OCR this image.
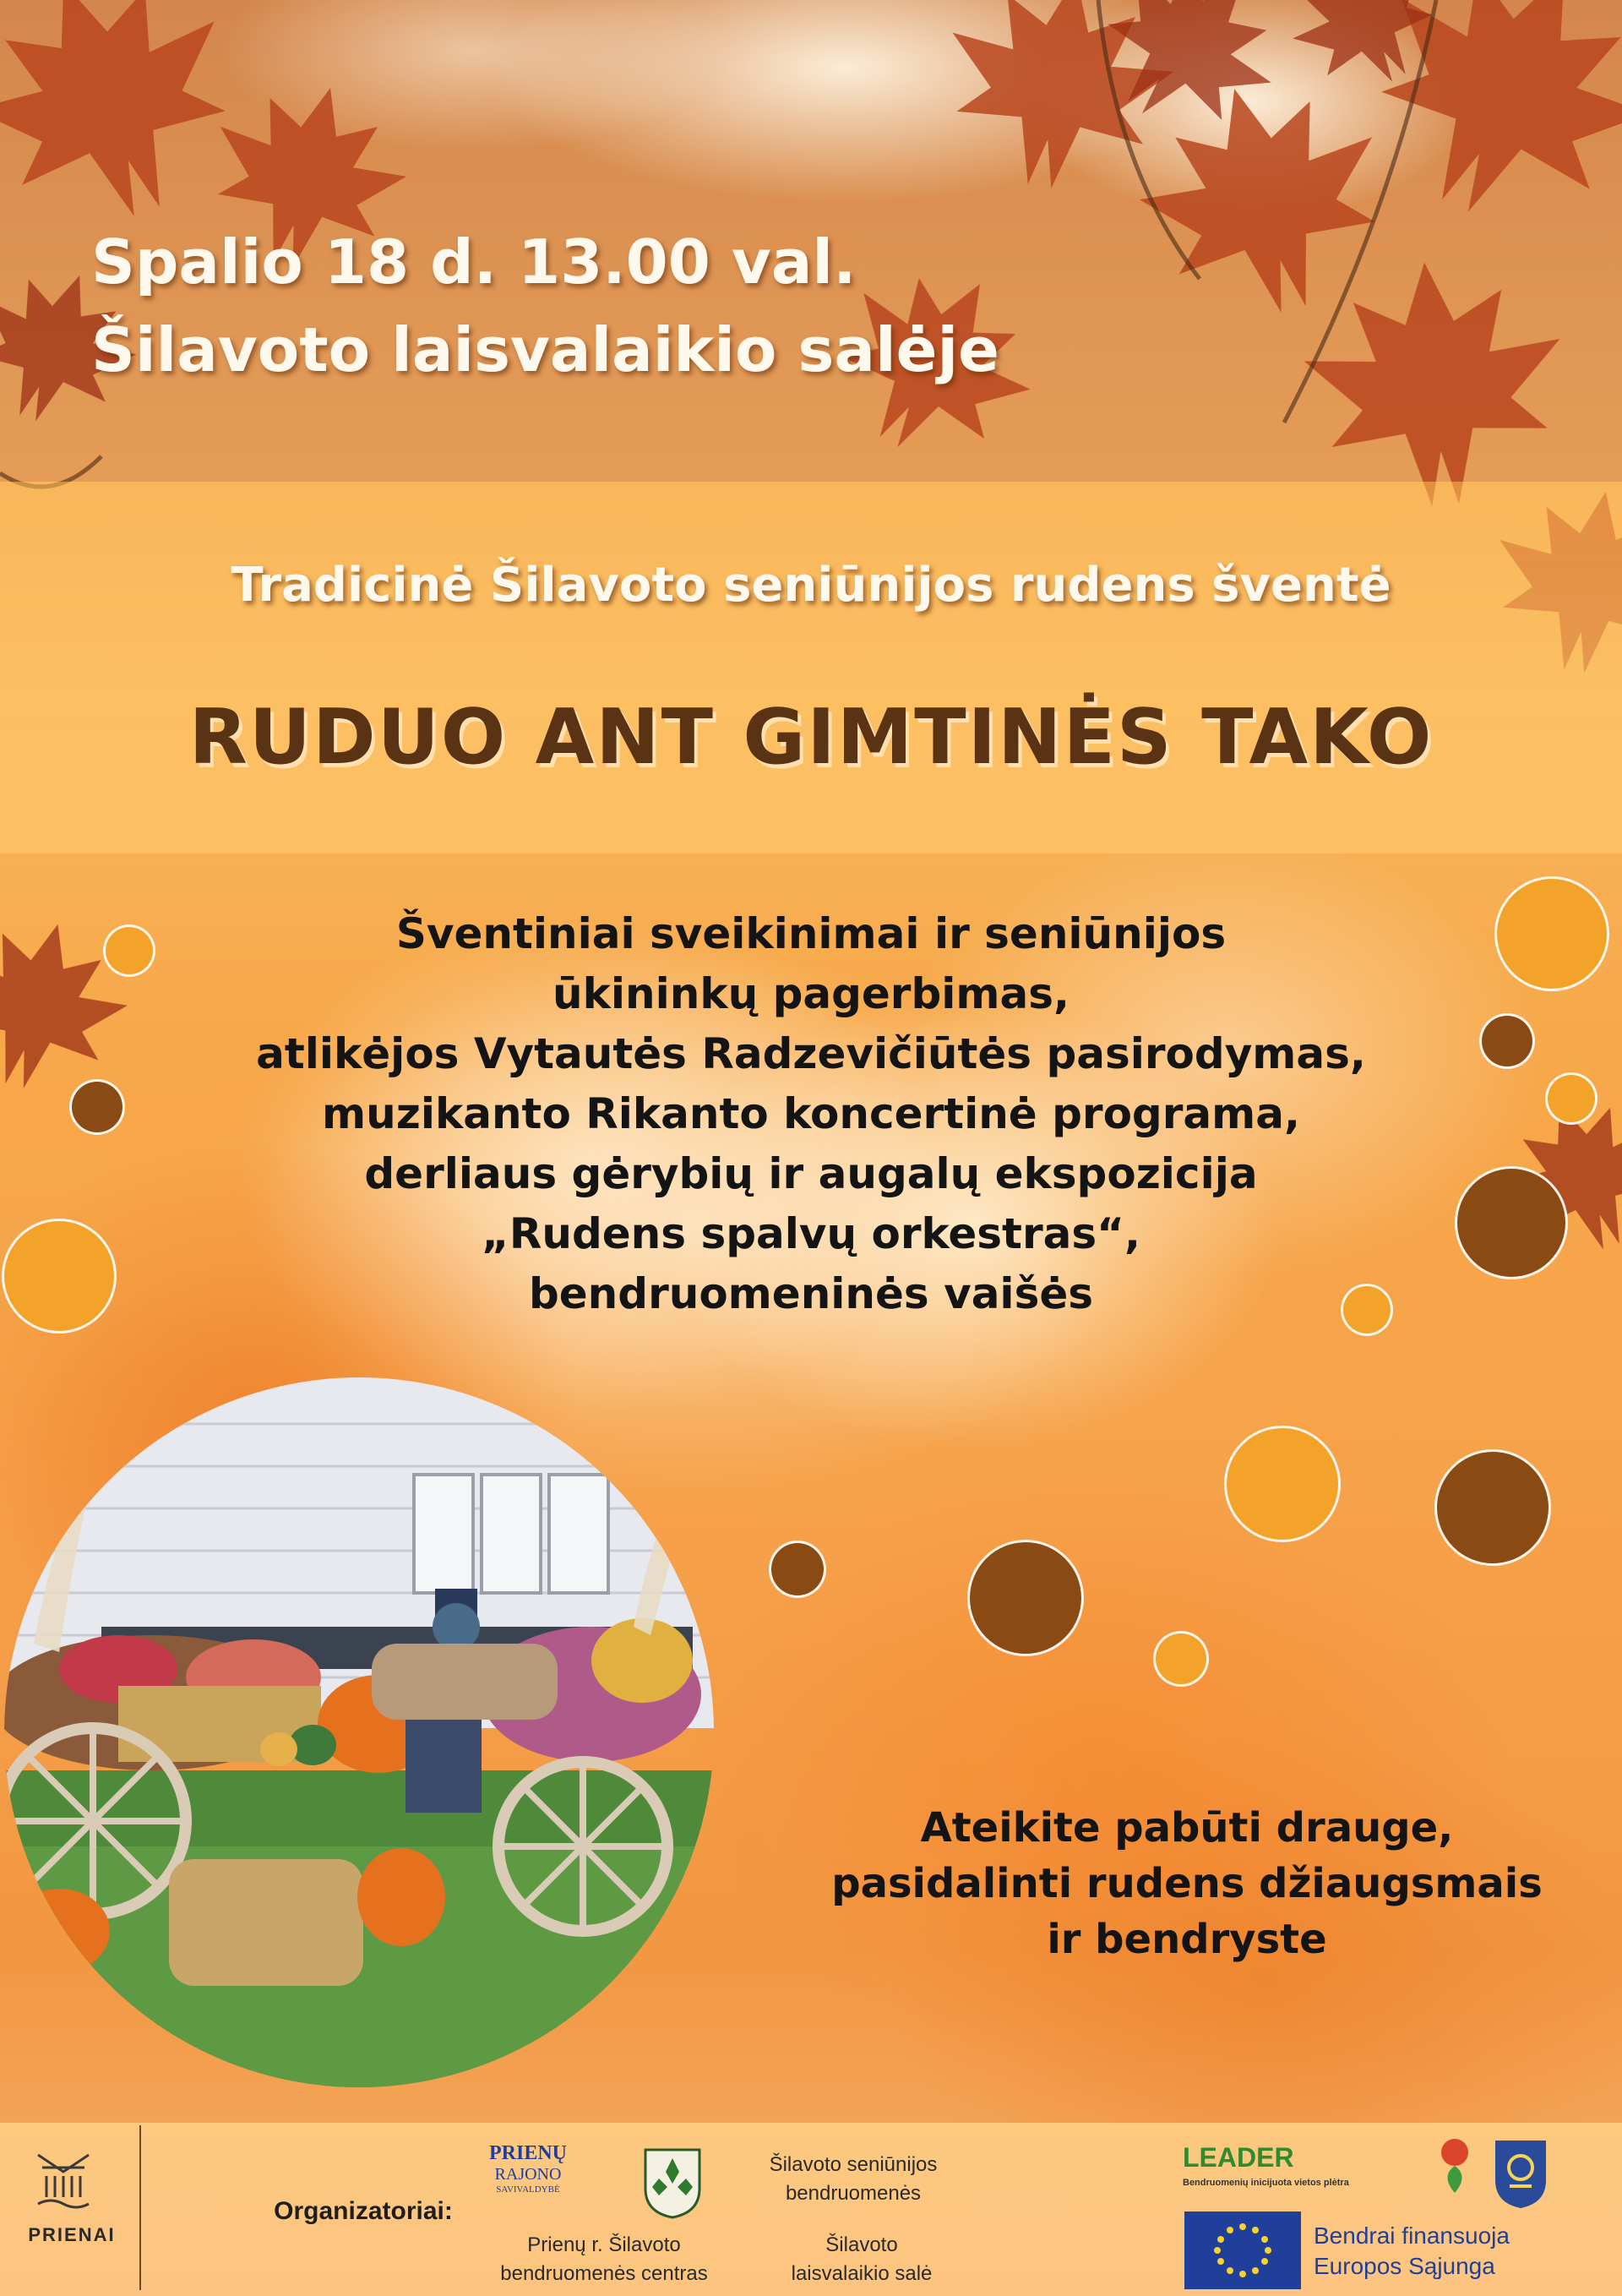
Spalio 18 d. 13.00 val.
Šilavoto laisvalaikio salėje
Tradicinė Šilavoto seniūnijos rudens šventė
RUDUO ANT GIMTINĖS TAKO
Šventiniai sveikinimai ir seniūnijos
ūkininkų pagerbimas,
atlikėjos Vytautės Radzevičiūtės pasirodymas,
muzikanto Rikanto koncertinė programa,
derliaus gėrybių ir augalų ekspozicija
„Rudens spalvų orkestras“,
bendruomeninės vaišės
Ateikite pabūti drauge,
pasidalinti rudens džiaugsmais
ir bendryste
PRIENAI
Organizatoriai:
PRIENŲ
RAJONO
SAVIVALDYBĖ
Šilavoto seniūnijos
bendruomenės
Prienų r. Šilavoto
bendruomenės centras
Šilavoto
laisvalaikio salė
LEADER
Bendruomenių inicijuota vietos plėtra
Bendrai finansuoja
Europos Sąjunga
